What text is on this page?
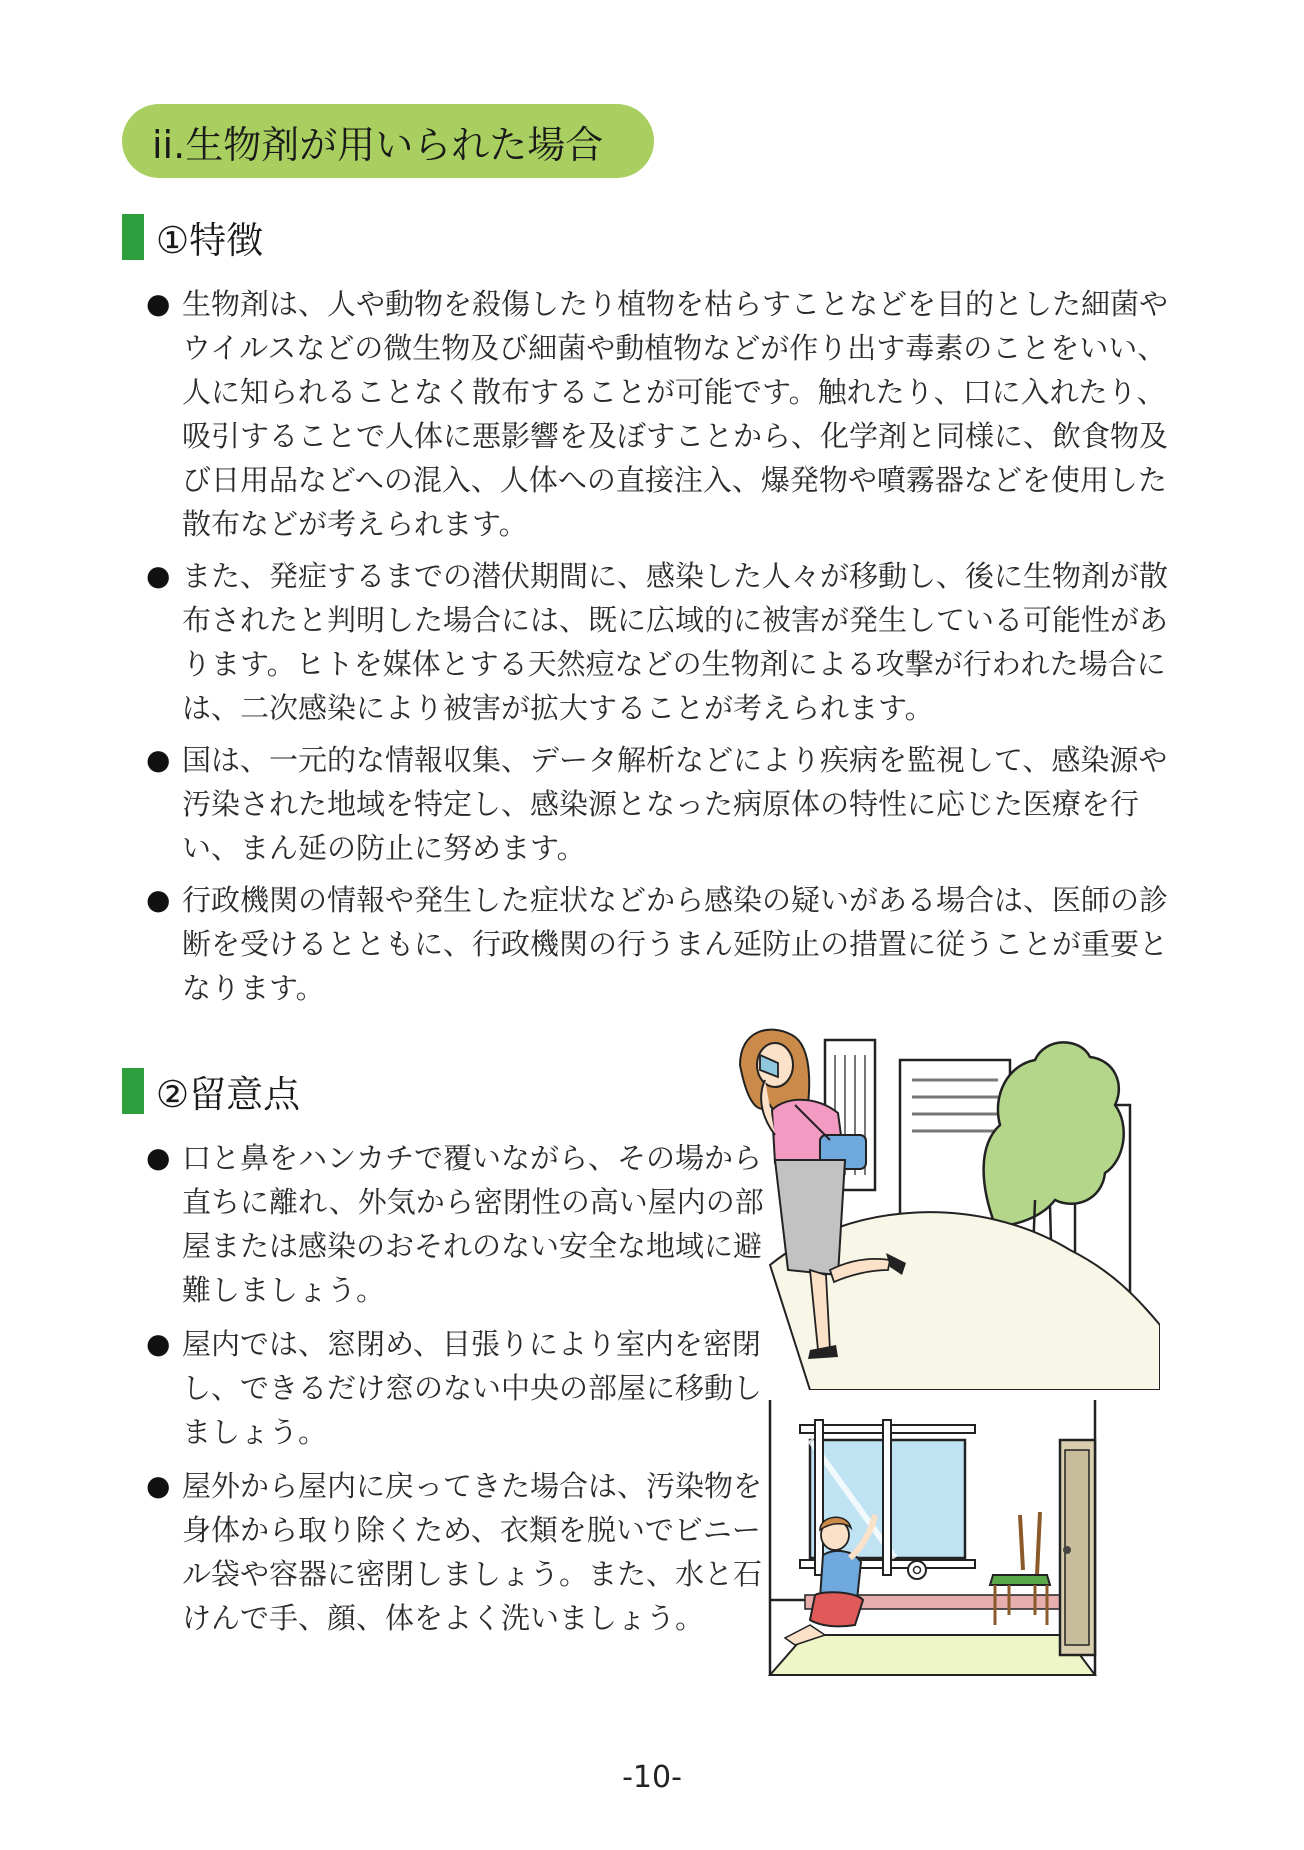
ii.生物剤が用いられた場合
①特徴
● 生物剤は、人や動物を殺傷したり植物を枯らすことなどを目的とした細菌やウイルスなどの微生物及び細菌や動植物などが作り出す毒素のことをいい、人に知られることなく散布することが可能です。触れたり、口に入れたり、吸引することで人体に悪影響を及ぼすことから、化学剤と同様に、飲食物及び日用品などへの混入、人体への直接注入、爆発物や噴霧器などを使用した散布などが考えられます。
● また、発症するまでの潜伏期間に、感染した人々が移動し、後に生物剤が散布されたと判明した場合には、既に広域的に被害が発生している可能性があります。ヒトを媒体とする天然痘などの生物剤による攻撃が行われた場合には、二次感染により被害が拡大することが考えられます。
● 国は、一元的な情報収集、データ解析などにより疾病を監視して、感染源や汚染された地域を特定し、感染源となった病原体の特性に応じた医療を行い、まん延の防止に努めます。
● 行政機関の情報や発生した症状などから感染の疑いがある場合は、医師の診断を受けるとともに、行政機関の行うまん延防止の措置に従うことが重要となります。
②留意点
● 口と鼻をハンカチで覆いながら、その場から直ちに離れ、外気から密閉性の高い屋内の部屋または感染のおそれのない安全な地域に避難しましょう。
● 屋内では、窓閉め、目張りにより室内を密閉し、できるだけ窓のない中央の部屋に移動しましょう。
● 屋外から屋内に戻ってきた場合は、汚染物を身体から取り除くため、衣類を脱いでビニール袋や容器に密閉しましょう。また、水と石けんで手、顔、体をよく洗いましょう。
-10-
